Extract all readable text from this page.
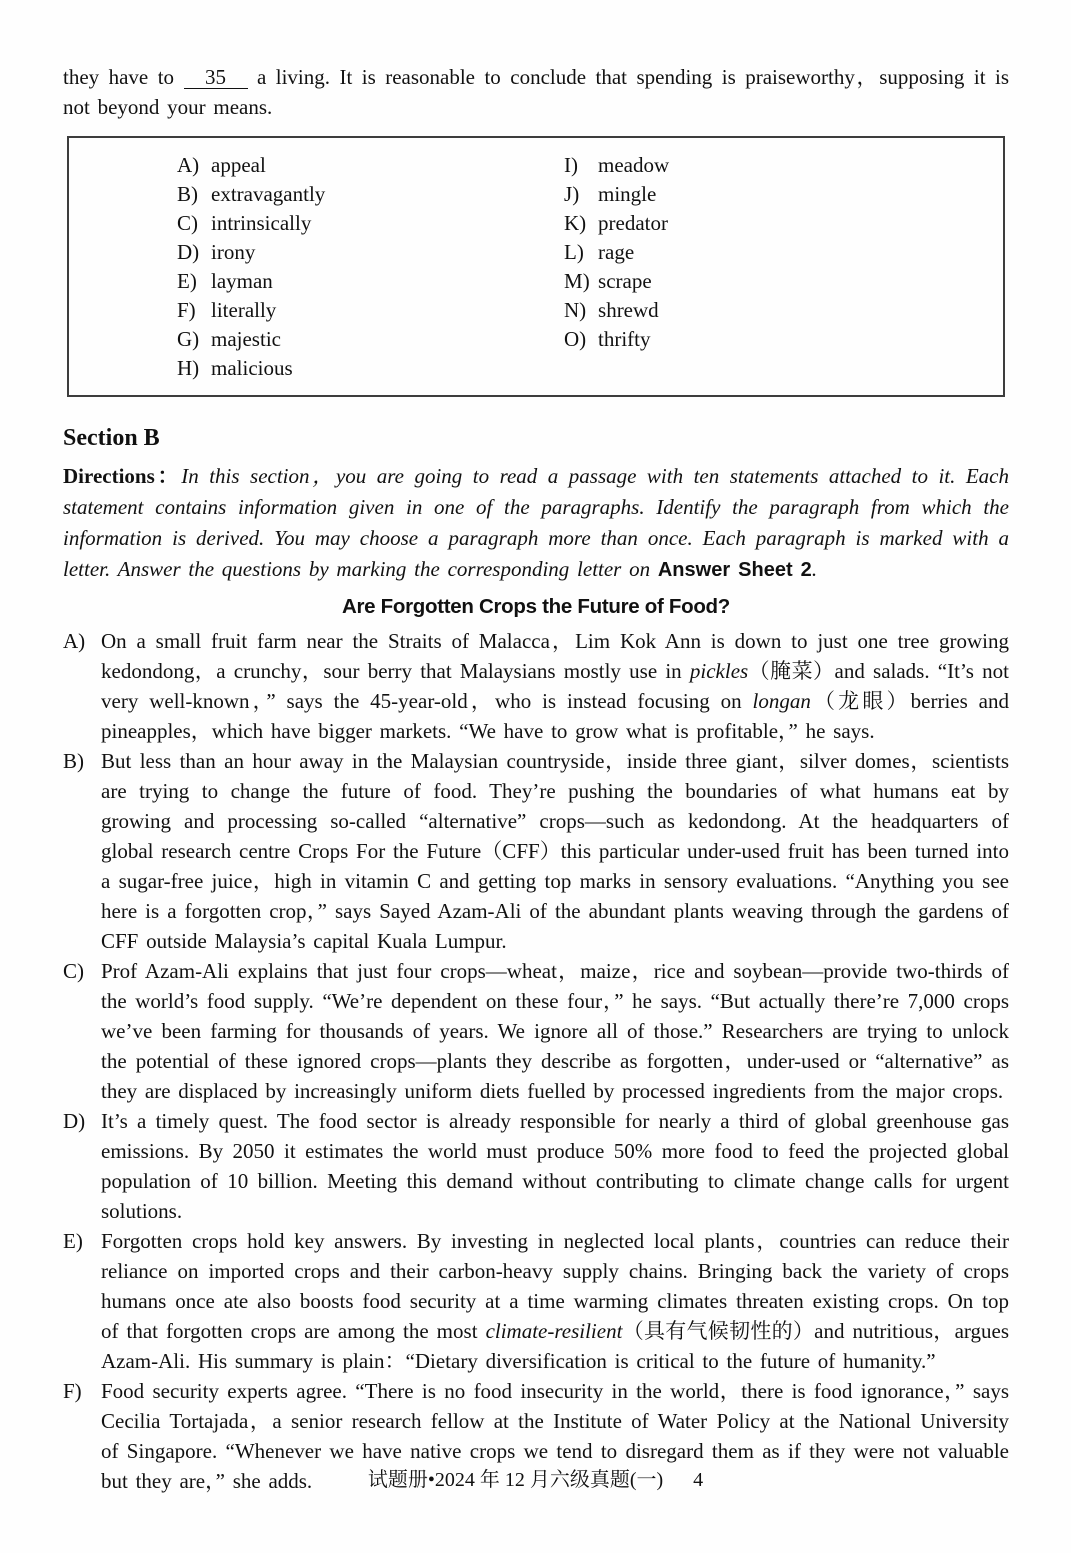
they have to 35 a living. It is reasonable to conclude that spending is praiseworthy，supposing it is not beyond your means.

A) appeal
B) extravagantly
C) intrinsically
D) irony
E) layman
F) literally
G) majestic
H) malicious
I) meadow
J) mingle
K) predator
L) rage
M) scrape
N) shrewd
O) thrifty
Section B

Directions：In this section，you are going to read a passage with ten statements attached to it. Each statement contains information given in one of the paragraphs. Identify the paragraph from which the information is derived. You may choose a paragraph more than once. Each paragraph is marked with a letter. Answer the questions by marking the corresponding letter on Answer Sheet 2.

Are Forgotten Crops the Future of Food?
A) On a small fruit farm near the Straits of Malacca，Lim Kok Ann is down to just one tree growing kedondong，a crunchy，sour berry that Malaysians mostly use in pickles（腌菜）and salads. “It’s not very well-known，” says the 45-year-old，who is instead focusing on longan（龙眼）berries and pineapples，which have bigger markets. “We have to grow what is profitable，” he says.
B) But less than an hour away in the Malaysian countryside，inside three giant，silver domes，scientists are trying to change the future of food. They’re pushing the boundaries of what humans eat by growing and processing so-called “alternative” crops—such as kedondong. At the headquarters of global research centre Crops For the Future（CFF）this particular under-used fruit has been turned into a sugar-free juice，high in vitamin C and getting top marks in sensory evaluations. “Anything you see here is a forgotten crop，” says Sayed Azam-Ali of the abundant plants weaving through the gardens of CFF outside Malaysia’s capital Kuala Lumpur.
C) Prof Azam-Ali explains that just four crops—wheat，maize，rice and soybean—provide two-thirds of the world’s food supply. “We’re dependent on these four，” he says. “But actually there’re 7,000 crops we’ve been farming for thousands of years. We ignore all of those.” Researchers are trying to unlock the potential of these ignored crops—plants they describe as forgotten，under-used or “alternative” as they are displaced by increasingly uniform diets fuelled by processed ingredients from the major crops.
D) It’s a timely quest. The food sector is already responsible for nearly a third of global greenhouse gas emissions. By 2050 it estimates the world must produce 50% more food to feed the projected global population of 10 billion. Meeting this demand without contributing to climate change calls for urgent solutions.
E) Forgotten crops hold key answers. By investing in neglected local plants，countries can reduce their reliance on imported crops and their carbon-heavy supply chains. Bringing back the variety of crops humans once ate also boosts food security at a time warming climates threaten existing crops. On top of that forgotten crops are among the most climate-resilient（具有气候韧性的）and nutritious，argues Azam-Ali. His summary is plain：“Dietary diversification is critical to the future of humanity.”
F) Food security experts agree. “There is no food insecurity in the world，there is food ignorance，” says Cecilia Tortajada，a senior research fellow at the Institute of Water Policy at the National University of Singapore. “Whenever we have native crops we tend to disregard them as if they were not valuable but they are，” she adds.	试题册•2024 年 12 月六级真题(一) 4
